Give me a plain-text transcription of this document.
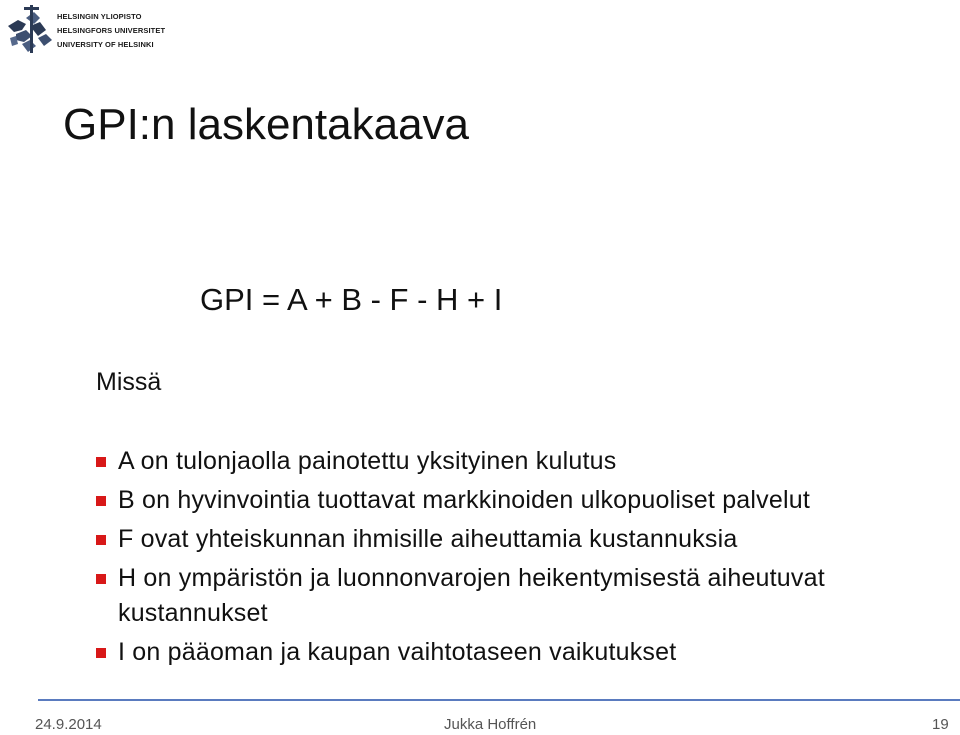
HELSINGIN YLIOPISTO
HELSINGFORS UNIVERSITET
UNIVERSITY OF HELSINKI
GPI:n laskentakaava
GPI = A + B - F - H + I
Missä
A on tulonjaolla painotettu yksityinen kulutus
B on hyvinvointia tuottavat markkinoiden ulkopuoliset palvelut
F ovat yhteiskunnan ihmisille aiheuttamia kustannuksia
H on ympäristön ja luonnonvarojen heikentymisestä aiheutuvat kustannukset
I on pääoman ja kaupan vaihtotaseen vaikutukset
24.9.2014	Jukka Hoffrén	19
